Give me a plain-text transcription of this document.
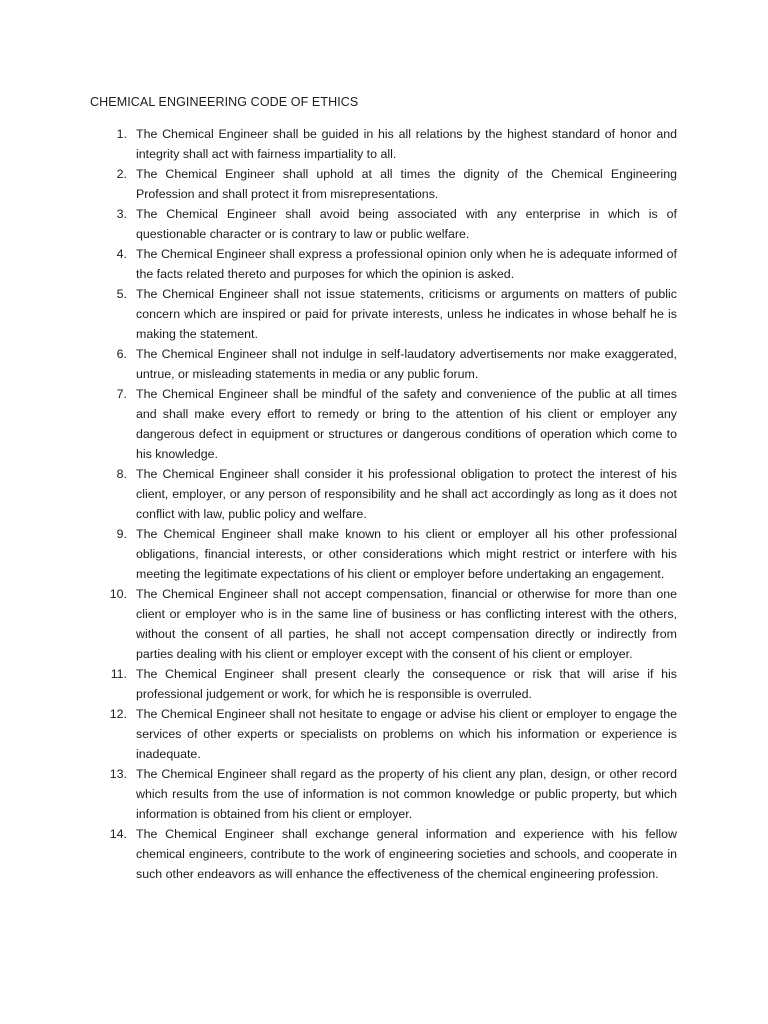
CHEMICAL ENGINEERING CODE OF ETHICS
1. The Chemical Engineer shall be guided in his all relations by the highest standard of honor and integrity shall act with fairness impartiality to all.
2. The Chemical Engineer shall uphold at all times the dignity of the Chemical Engineering Profession and shall protect it from misrepresentations.
3. The Chemical Engineer shall avoid being associated with any enterprise in which is of questionable character or is contrary to law or public welfare.
4. The Chemical Engineer shall express a professional opinion only when he is adequate informed of the facts related thereto and purposes for which the opinion is asked.
5. The Chemical Engineer shall not issue statements, criticisms or arguments on matters of public concern which are inspired or paid for private interests, unless he indicates in whose behalf he is making the statement.
6. The Chemical Engineer shall not indulge in self-laudatory advertisements nor make exaggerated, untrue, or misleading statements in media or any public forum.
7. The Chemical Engineer shall be mindful of the safety and convenience of the public at all times and shall make every effort to remedy or bring to the attention of his client or employer any dangerous defect in equipment or structures or dangerous conditions of operation which come to his knowledge.
8. The Chemical Engineer shall consider it his professional obligation to protect the interest of his client, employer, or any person of responsibility and he shall act accordingly as long as it does not conflict with law, public policy and welfare.
9. The Chemical Engineer shall make known to his client or employer all his other professional obligations, financial interests, or other considerations which might restrict or interfere with his meeting the legitimate expectations of his client or employer before undertaking an engagement.
10. The Chemical Engineer shall not accept compensation, financial or otherwise for more than one client or employer who is in the same line of business or has conflicting interest with the others, without the consent of all parties, he shall not accept compensation directly or indirectly from parties dealing with his client or employer except with the consent of his client or employer.
11. The Chemical Engineer shall present clearly the consequence or risk that will arise if his professional judgement or work, for which he is responsible is overruled.
12. The Chemical Engineer shall not hesitate to engage or advise his client or employer to engage the services of other experts or specialists on problems on which his information or experience is inadequate.
13. The Chemical Engineer shall regard as the property of his client any plan, design, or other record which results from the use of information is not common knowledge or public property, but which information is obtained from his client or employer.
14. The Chemical Engineer shall exchange general information and experience with his fellow chemical engineers, contribute to the work of engineering societies and schools, and cooperate in such other endeavors as will enhance the effectiveness of the chemical engineering profession.
